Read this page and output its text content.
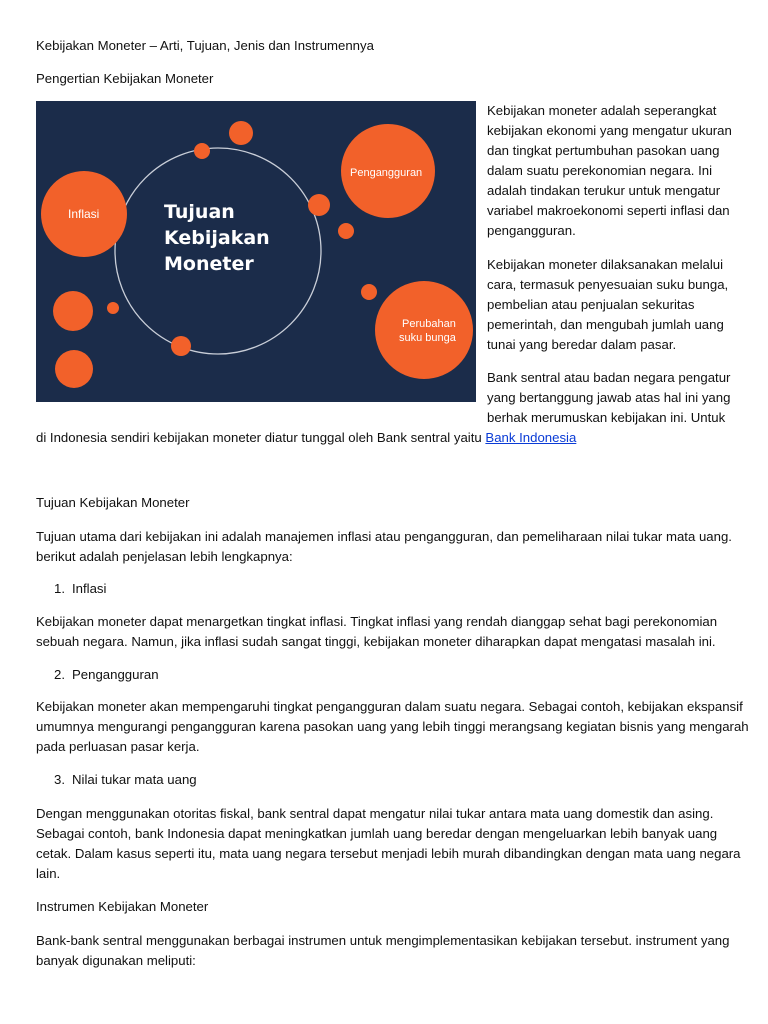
Kebijakan Moneter – Arti, Tujuan, Jenis dan Instrumennya

Pengertian Kebijakan Moneter

Inflasi
Pengangguran
Perubahan
suku bunga
Tujuan
Kebijakan
Moneter
Kebijakan moneter adalah seperangkat
kebijakan ekonomi yang mengatur ukuran
dan tingkat pertumbuhan pasokan uang
dalam suatu perekonomian negara. Ini
adalah tindakan terukur untuk mengatur
variabel makroekonomi seperti inflasi dan
pengangguran.
Kebijakan moneter dilaksanakan melalui
cara, termasuk penyesuaian suku bunga,
pembelian atau penjualan sekuritas
pemerintah, dan mengubah jumlah uang
tunai yang beredar dalam pasar.
Bank sentral atau badan negara pengatur
yang bertanggung jawab atas hal ini yang
berhak merumuskan kebijakan ini. Untuk

di Indonesia sendiri kebijakan moneter diatur tunggal oleh Bank sentral yaitu Bank Indonesia

Tujuan Kebijakan Moneter

Tujuan utama dari kebijakan ini adalah manajemen inflasi atau pengangguran, dan pemeliharaan nilai tukar mata uang.
berikut adalah penjelasan lebih lengkapnya:

1. Inflasi

Kebijakan moneter dapat menargetkan tingkat inflasi. Tingkat inflasi yang rendah dianggap sehat bagi perekonomian
sebuah negara. Namun, jika inflasi sudah sangat tinggi, kebijakan moneter diharapkan dapat mengatasi masalah ini.

2. Pengangguran

Kebijakan moneter akan mempengaruhi tingkat pengangguran dalam suatu negara. Sebagai contoh, kebijakan ekspansif
umumnya mengurangi pengangguran karena pasokan uang yang lebih tinggi merangsang kegiatan bisnis yang mengarah
pada perluasan pasar kerja.

3. Nilai tukar mata uang

Dengan menggunakan otoritas fiskal, bank sentral dapat mengatur nilai tukar antara mata uang domestik dan asing.
Sebagai contoh, bank Indonesia dapat meningkatkan jumlah uang beredar dengan mengeluarkan lebih banyak uang
cetak. Dalam kasus seperti itu, mata uang negara tersebut menjadi lebih murah dibandingkan dengan mata uang negara
lain.

Instrumen Kebijakan Moneter

Bank-bank sentral menggunakan berbagai instrumen untuk mengimplementasikan kebijakan tersebut. instrument yang
banyak digunakan meliputi:
